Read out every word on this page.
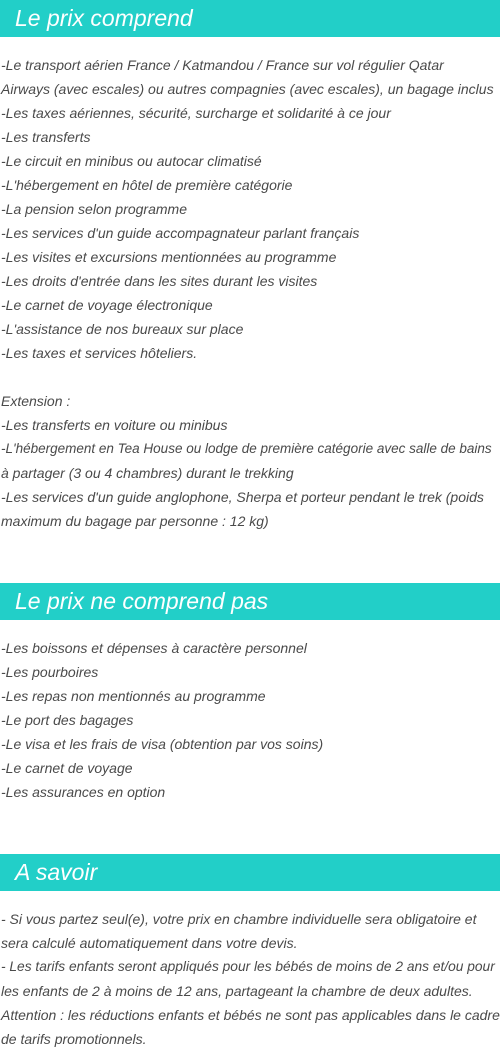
Le prix comprend
-Le transport aérien France / Katmandou / France sur vol régulier Qatar
Airways (avec escales) ou autres compagnies (avec escales), un bagage inclus
-Les taxes aériennes, sécurité, surcharge et solidarité à ce jour
-Les transferts
-Le circuit en minibus ou autocar climatisé
-L'hébergement en hôtel de première catégorie
-La pension selon programme
-Les services d'un guide accompagnateur parlant français
-Les visites et excursions mentionnées au programme
-Les droits d'entrée dans les sites durant les visites
-Le carnet de voyage électronique
-L'assistance de nos bureaux sur place
-Les taxes et services hôteliers.
Extension :
-Les transferts en voiture ou minibus
-L'hébergement en Tea House ou lodge de première catégorie avec salle de bains
à partager (3 ou 4 chambres) durant le trekking
-Les services d'un guide anglophone, Sherpa et porteur pendant le trek (poids
maximum du bagage par personne : 12 kg)
Le prix ne comprend pas
-Les boissons et dépenses à caractère personnel
-Les pourboires
-Les repas non mentionnés au programme
-Le port des bagages
-Le visa et les frais de visa (obtention par vos soins)
-Le carnet de voyage
-Les assurances en option
A savoir
- Si vous partez seul(e), votre prix en chambre individuelle sera obligatoire et
sera calculé automatiquement dans votre devis.
- Les tarifs enfants seront appliqués pour les bébés de moins de 2 ans et/ou pour
les enfants de 2 à moins de 12 ans, partageant la chambre de deux adultes.
Attention : les réductions enfants et bébés ne sont pas applicables dans le cadre
de tarifs promotionnels.
